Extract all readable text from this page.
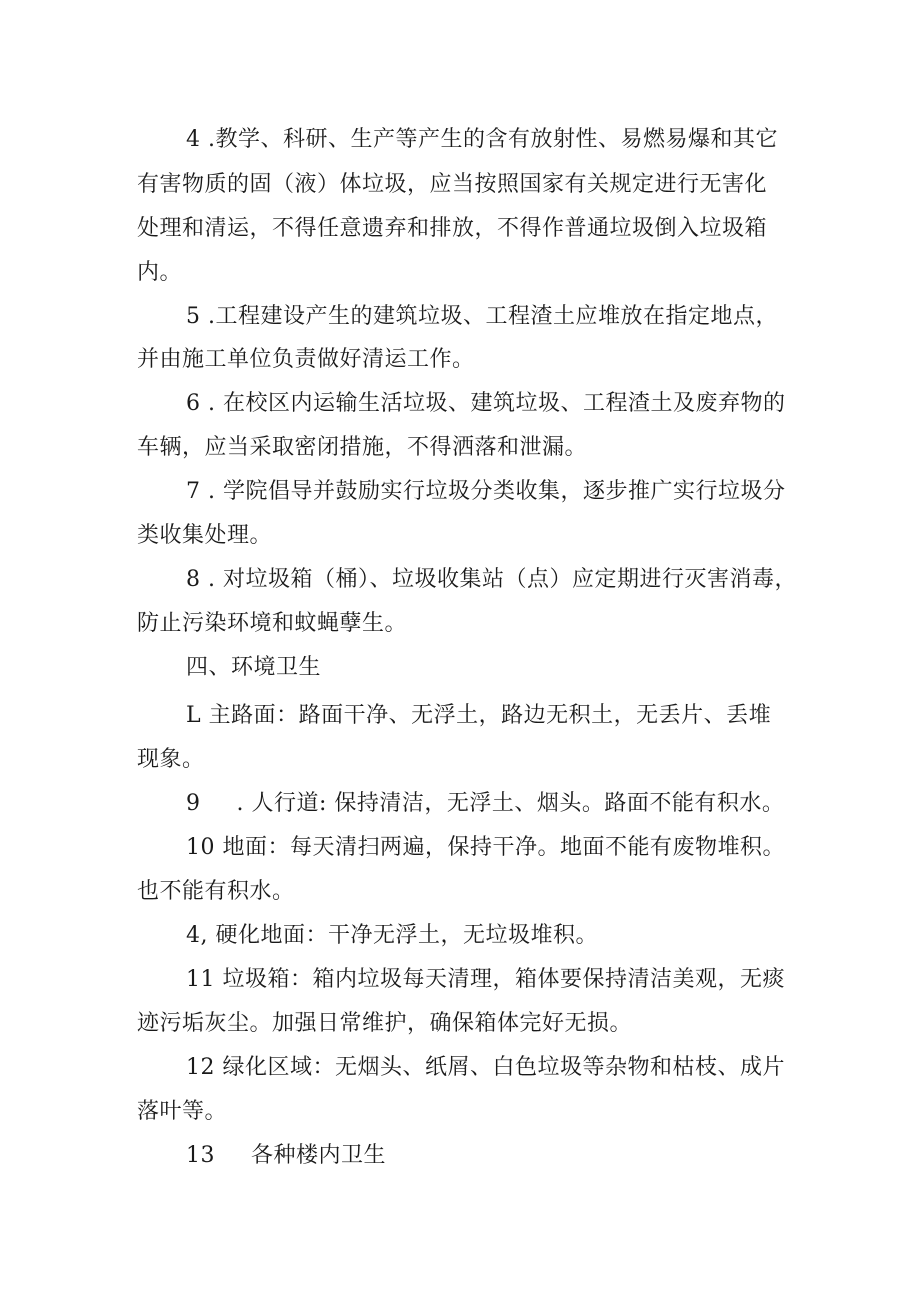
4 .教学、科研、生产等产生的含有放射性、易燃易爆和其它
有害物质的固（液）体垃圾，应当按照国家有关规定进行无害化
处理和清运，不得任意遗弃和排放，不得作普通垃圾倒入垃圾箱
内。
5 .工程建设产生的建筑垃圾、工程渣土应堆放在指定地点，
并由施工单位负责做好清运工作。
6 . 在校区内运输生活垃圾、建筑垃圾、工程渣土及废弃物的
车辆，应当采取密闭措施，不得洒落和泄漏。
7 . 学院倡导并鼓励实行垃圾分类收集，逐步推广实行垃圾分
类收集处理。
8 . 对垃圾箱（桶）、垃圾收集站（点）应定期进行灭害消毒，
防止污染环境和蚊蝇孽生。
四、环境卫生
L 主路面：路面干净、无浮土，路边无积土，无丢片、丢堆
现象。
9 . 人行道: 保持清洁，无浮土、烟头。路面不能有积水。
10 地面：每天清扫两遍，保持干净。地面不能有废物堆积。
也不能有积水。
4, 硬化地面：干净无浮土，无垃圾堆积。
11 垃圾箱：箱内垃圾每天清理，箱体要保持清洁美观，无痰
迹污垢灰尘。加强日常维护，确保箱体完好无损。
12 绿化区域：无烟头、纸屑、白色垃圾等杂物和枯枝、成片
落叶等。
13 各种楼内卫生
